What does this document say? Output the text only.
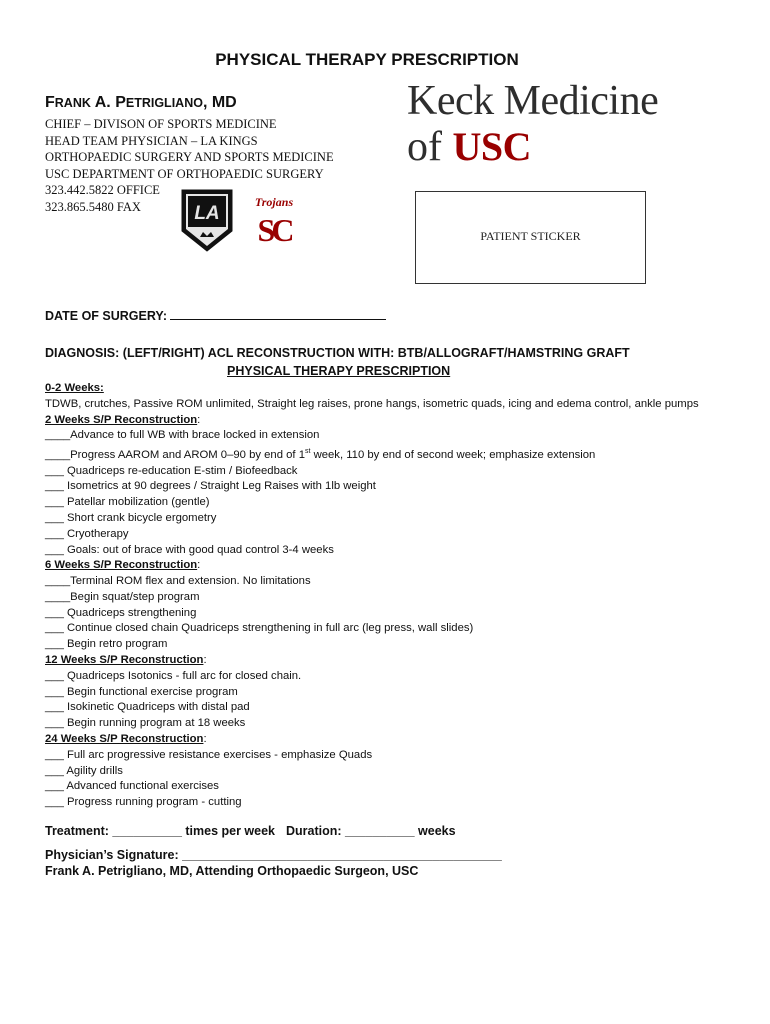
PHYSICAL THERAPY PRESCRIPTION
FRANK A. PETRIGLIANO, MD
CHIEF – DIVISON OF SPORTS MEDICINE
HEAD TEAM PHYSICIAN – LA KINGS
ORTHOPAEDIC SURGERY AND SPORTS MEDICINE
USC DEPARTMENT OF ORTHOPAEDIC SURGERY
323.442.5822 OFFICE
323.865.5480 FAX
Keck Medicine
of USC
LA
Trojans
SC	PATIENT STICKER
DATE OF SURGERY:
DIAGNOSIS: (LEFT/RIGHT) ACL RECONSTRUCTION WITH: BTB/ALLOGRAFT/HAMSTRING GRAFT
PHYSICAL THERAPY PRESCRIPTION
0-2 Weeks:
TDWB, crutches, Passive ROM unlimited, Straight leg raises, prone hangs, isometric quads, icing and edema control, ankle pumps
2 Weeks S/P Reconstruction:
____Advance to full WB with brace locked in extension
____Progress AAROM and AROM 0–90 by end of 1st week, 110 by end of second week; emphasize extension
___ Quadriceps re-education E-stim / Biofeedback
___ Isometrics at 90 degrees / Straight Leg Raises with 1lb weight
___ Patellar mobilization (gentle)
___ Short crank bicycle ergometry
___ Cryotherapy
___ Goals: out of brace with good quad control 3-4 weeks
6 Weeks S/P Reconstruction:
____Terminal ROM flex and extension. No limitations
____Begin squat/step program
___ Quadriceps strengthening
___ Continue closed chain Quadriceps strengthening in full arc (leg press, wall slides)
___ Begin retro program
12 Weeks S/P Reconstruction:
___ Quadriceps Isotonics - full arc for closed chain.
___ Begin functional exercise program
___ Isokinetic Quadriceps with distal pad
___ Begin running program at 18 weeks
24 Weeks S/P Reconstruction:
___ Full arc progressive resistance exercises - emphasize Quads
___ Agility drills
___ Advanced functional exercises
___ Progress running program - cutting
Treatment: __________ times per week Duration: __________ weeks
Physician’s Signature: ______________________________________________
Frank A. Petrigliano, MD, Attending Orthopaedic Surgeon, USC
